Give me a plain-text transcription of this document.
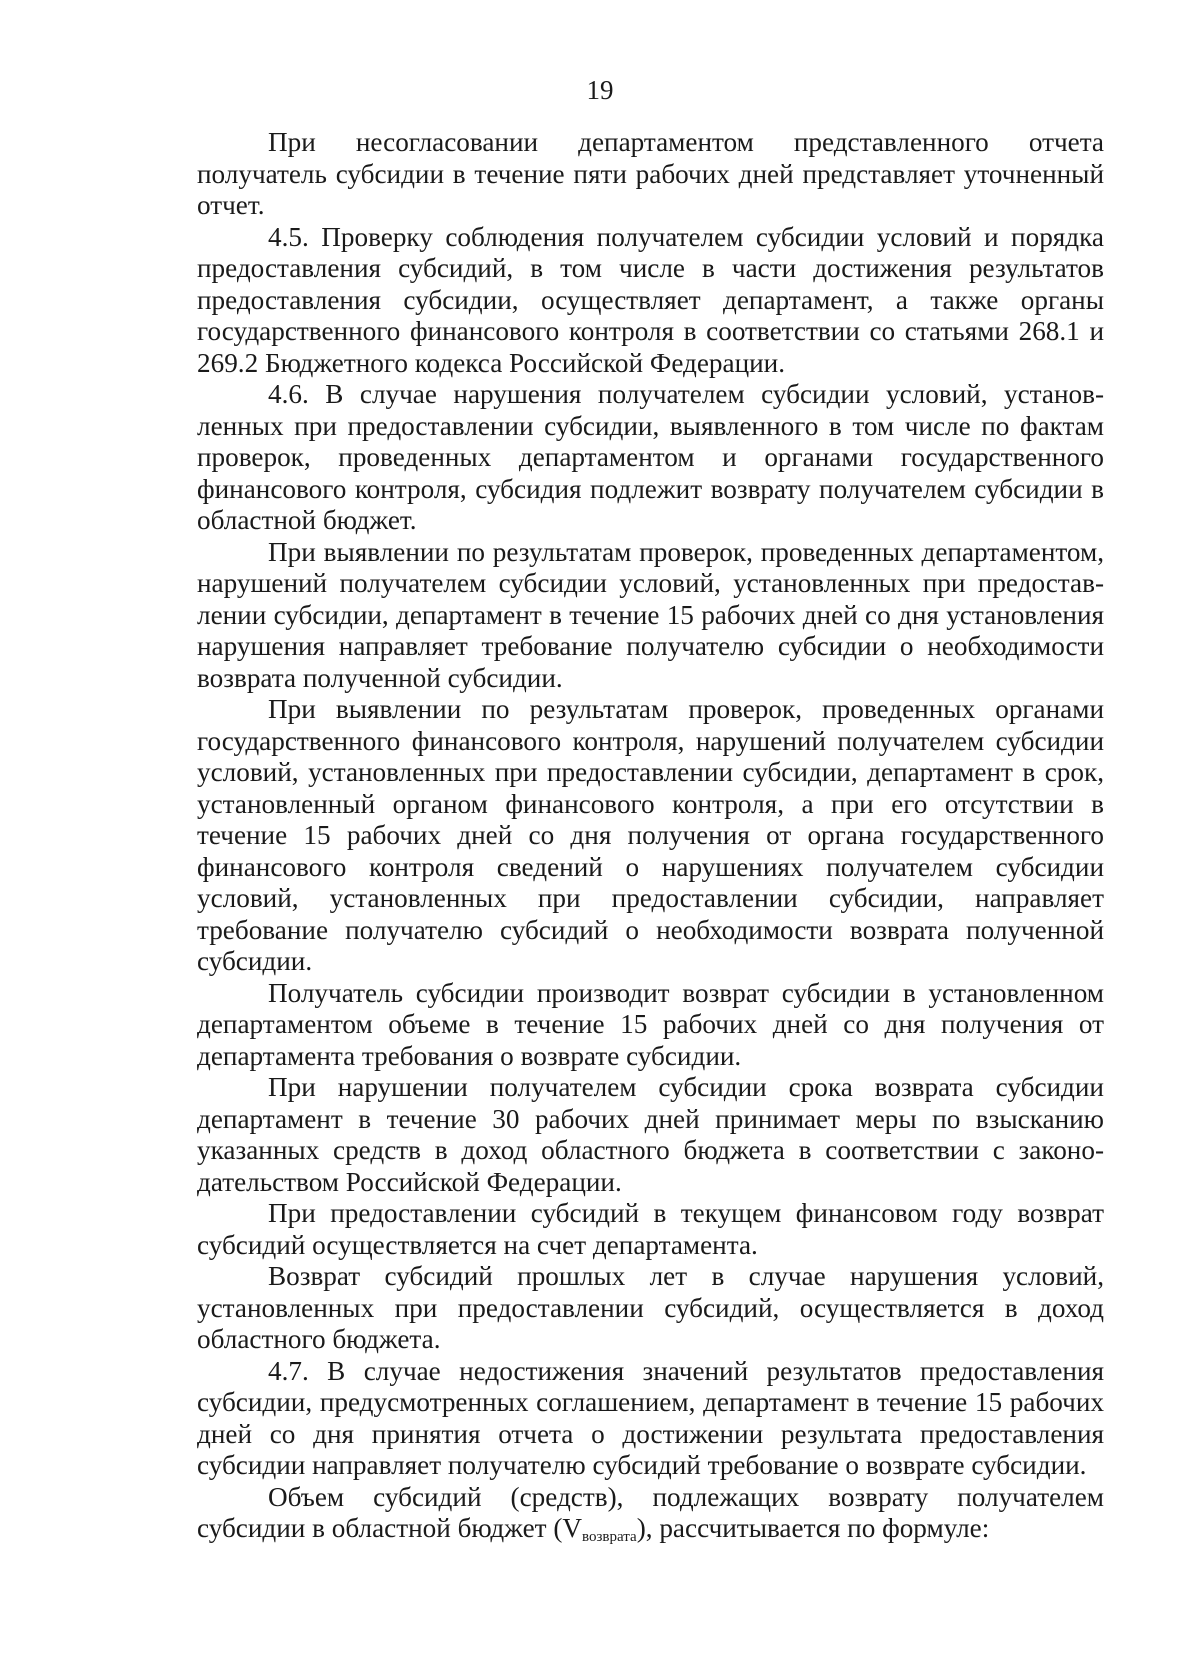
19

При несогласовании департаментом представленного отчета получатель субсидии в течение пяти рабочих дней представляет уточненный отчет.

4.5. Проверку соблюдения получателем субсидии условий и порядка предоставления субсидий, в том числе в части достижения результатов предоставления субсидии, осуществляет департамент, а также органы государственного финансового контроля в соответствии со статьями 268.1 и 269.2 Бюджетного кодекса Российской Федерации.

4.6. В случае нарушения получателем субсидии условий, установленных при предоставлении субсидии, выявленного в том числе по фактам проверок, проведенных департаментом и органами государственного финансового контроля, субсидия подлежит возврату получателем субсидии в областной бюджет.

При выявлении по результатам проверок, проведенных департаментом, нарушений получателем субсидии условий, установленных при предоставлении субсидии, департамент в течение 15 рабочих дней со дня установления нарушения направляет требование получателю субсидии о необходимости возврата полученной субсидии.

При выявлении по результатам проверок, проведенных органами государственного финансового контроля, нарушений получателем субсидии условий, установленных при предоставлении субсидии, департамент в срок, установленный органом финансового контроля, а при его отсутствии в течение 15 рабочих дней со дня получения от органа государственного финансового контроля сведений о нарушениях получателем субсидии условий, установленных при предоставлении субсидии, направляет требование получателю субсидий о необходимости возврата полученной субсидии.

Получатель субсидии производит возврат субсидии в установленном департаментом объеме в течение 15 рабочих дней со дня получения от департамента требования о возврате субсидии.

При нарушении получателем субсидии срока возврата субсидии департамент в течение 30 рабочих дней принимает меры по взысканию указанных средств в доход областного бюджета в соответствии с законодательством Российской Федерации.

При предоставлении субсидий в текущем финансовом году возврат субсидий осуществляется на счет департамента.

Возврат субсидий прошлых лет в случае нарушения условий, установленных при предоставлении субсидий, осуществляется в доход областного бюджета.

4.7. В случае недостижения значений результатов предоставления субсидии, предусмотренных соглашением, департамент в течение 15 рабочих дней со дня принятия отчета о достижении результата предоставления субсидии направляет получателю субсидий требование о возврате субсидии.

Объем субсидий (средств), подлежащих возврату получателем субсидии в областной бюджет $(V_{возврата})$, рассчитывается по формуле:
